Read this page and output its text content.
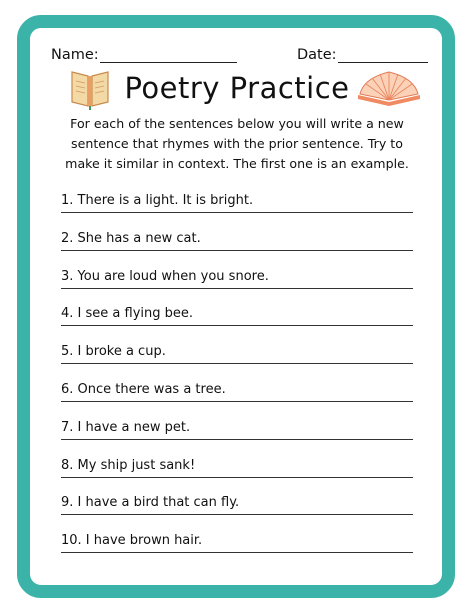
Name:	Date:
Poetry Practice
For each of the sentences below you will write a new sentence that rhymes with the prior sentence. Try to make it similar in context. The first one is an example.
1. There is a light. It is bright.
2. She has a new cat.
3. You are loud when you snore.
4. I see a flying bee.
5. I broke a cup.
6. Once there was a tree.
7. I have a new pet.
8. My ship just sank!
9. I have a bird that can fly.
10. I have brown hair.
